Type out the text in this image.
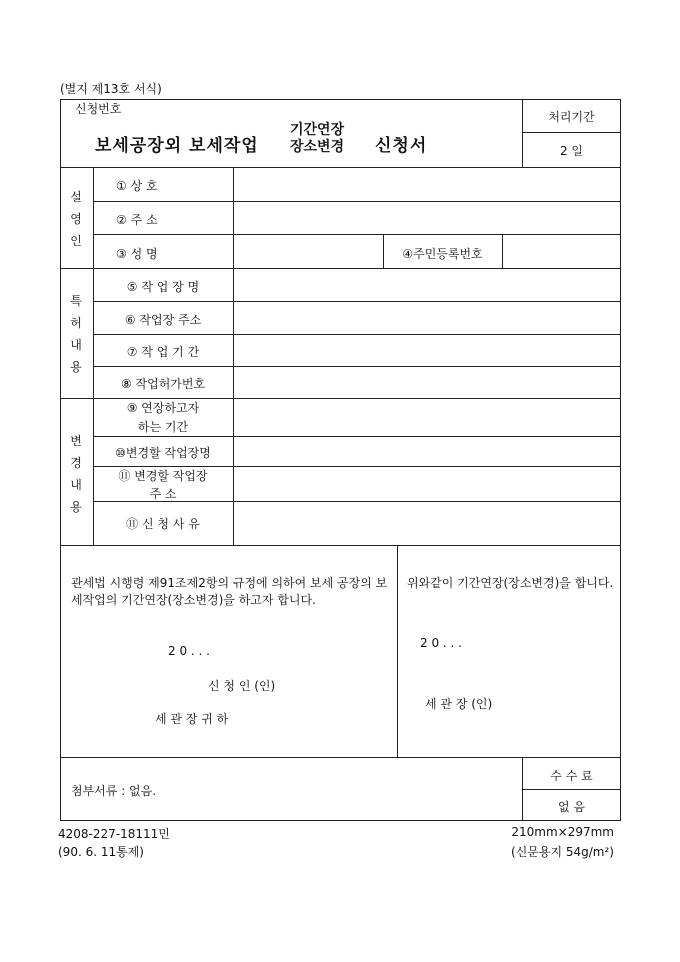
(별지 제13호 서식)
신청번호
보세공장외 보세작업
기간연장
장소변경 신청서
처리기간
2 일
설영인
① 상 호
② 주 소
③ 성 명	④주민등록번호
특허내용
⑤ 작 업 장 명
⑥ 작업장 주소
⑦ 작 업 기 간
⑧ 작업허가번호
변경내용
⑨ 연장하고자
하는 기간
⑩변경할 작업장명
⑪ 변경할 작업장
주 소
⑪ 신 청 사 유
관세법 시행령 제91조제2항의 규정에 의하여 보세 공장의 보세작업의 기간연장(장소변경)을 하고자 합니다.
2 0 . . .
신 청 인 (인)
세 관 장 귀 하
위와같이 기간연장(장소변경)을 합니다.
2 0 . . .
세 관 장 (인)
첨부서류 : 없음.
수 수 료
없 음
4208-227-18111민
(90. 6. 11통제)
210mm×297mm
(신문용지 54g/m²)
